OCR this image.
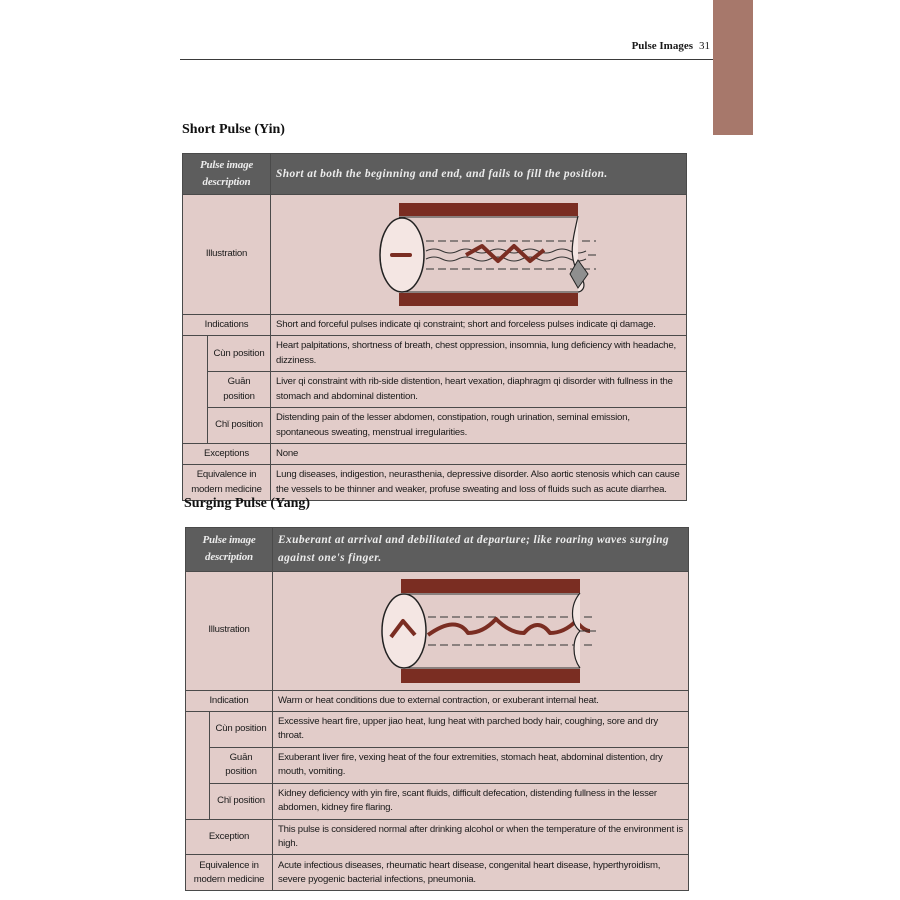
Pulse Images 31
Short Pulse (Yin)
Pulse image description		Short at both the beginning and end, and fails to fill the position.
Illustration	

Indications		Short and forceful pulses indicate qi constraint; short and forceless pulses indicate qi damage.
	Cùn position	Heart palpitations, shortness of breath, chest oppression, insomnia, lung deficiency with headache, dizziness.
	Guān position	Liver qi constraint with rib-side distention, heart vexation, diaphragm qi disorder with fullness in the stomach and abdominal distention.
	Chǐ position	Distending pain of the lesser abdomen, constipation, rough urination, seminal emission, spontaneous sweating, menstrual irregularities.
Exceptions		None
Equivalence in modern medicine		Lung diseases, indigestion, neurasthenia, depressive disorder. Also aortic stenosis which can cause the vessels to be thinner and weaker, profuse sweating and loss of fluids such as acute diarrhea.
Surging Pulse (Yang)
Pulse image description		Exuberant at arrival and debilitated at departure; like roaring waves surging against one's finger.
Illustration	

Indication		Warm or heat conditions due to external contraction, or exuberant internal heat.
	Cùn position	Excessive heart fire, upper jiao heat, lung heat with parched body hair, coughing, sore and dry throat.
	Guān position	Exuberant liver fire, vexing heat of the four extremities, stomach heat, abdominal distention, dry mouth, vomiting.
	Chǐ position	Kidney deficiency with yin fire, scant fluids, difficult defecation, distending fullness in the lesser abdomen, kidney fire flaring.
Exception		This pulse is considered normal after drinking alcohol or when the temperature of the environment is high.
Equivalence in modern medicine		Acute infectious diseases, rheumatic heart disease, congenital heart disease, hyperthyroidism, severe pyogenic bacterial infections, pneumonia.
